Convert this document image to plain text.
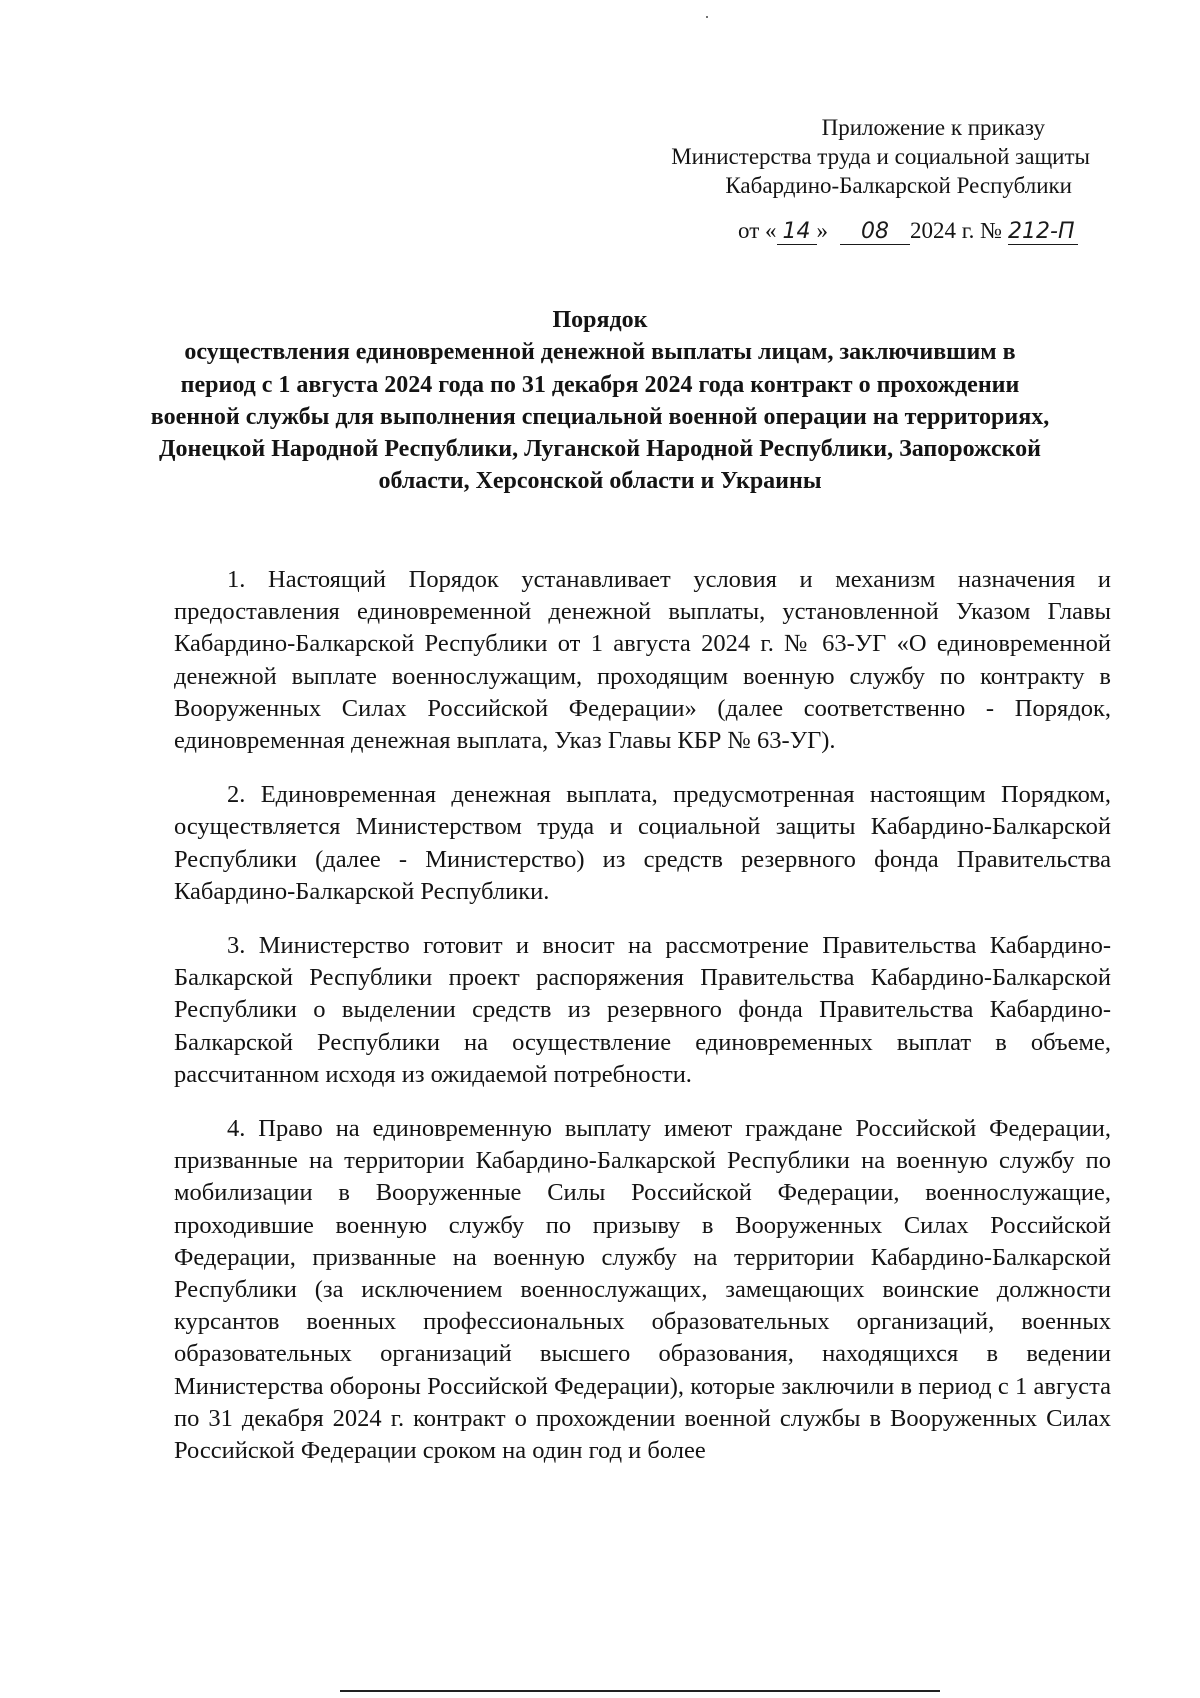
Приложение к приказу
Министерства труда и социальной защиты
Кабардино-Балкарской Республики
от « 14 » 08 2024 г. № 212-П
Порядок
осуществления единовременной денежной выплаты лицам, заключившим в период с 1 августа 2024 года по 31 декабря 2024 года контракт о прохождении военной службы для выполнения специальной военной операции на территориях, Донецкой Народной Республики, Луганской Народной Республики, Запорожской области, Херсонской области и Украины

1. Настоящий Порядок устанавливает условия и механизм назначения и предоставления единовременной денежной выплаты, установленной Указом Главы Кабардино-Балкарской Республики от 1 августа 2024 г. № 63-УГ «О единовременной денежной выплате военнослужащим, проходящим военную службу по контракту в Вооруженных Силах Российской Федерации» (далее соответственно - Порядок, единовременная денежная выплата, Указ Главы КБР № 63-УГ).

2. Единовременная денежная выплата, предусмотренная настоящим Порядком, осуществляется Министерством труда и социальной защиты Кабардино-Балкарской Республики (далее - Министерство) из средств резервного фонда Правительства Кабардино-Балкарской Республики.

3. Министерство готовит и вносит на рассмотрение Правительства Кабардино-Балкарской Республики проект распоряжения Правительства Кабардино-Балкарской Республики о выделении средств из резервного фонда Правительства Кабардино-Балкарской Республики на осуществление единовременных выплат в объеме, рассчитанном исходя из ожидаемой потребности.

4. Право на единовременную выплату имеют граждане Российской Федерации, призванные на территории Кабардино-Балкарской Республики на военную службу по мобилизации в Вооруженные Силы Российской Федерации, военнослужащие, проходившие военную службу по призыву в Вооруженных Силах Российской Федерации, призванные на военную службу на территории Кабардино-Балкарской Республики (за исключением военнослужащих, замещающих воинские должности курсантов военных профессиональных образовательных организаций, военных образовательных организаций высшего образования, находящихся в ведении Министерства обороны Российской Федерации), которые заключили в период с 1 августа по 31 декабря 2024 г. контракт о прохождении военной службы в Вооруженных Силах Российской Федерации сроком на один год и более
